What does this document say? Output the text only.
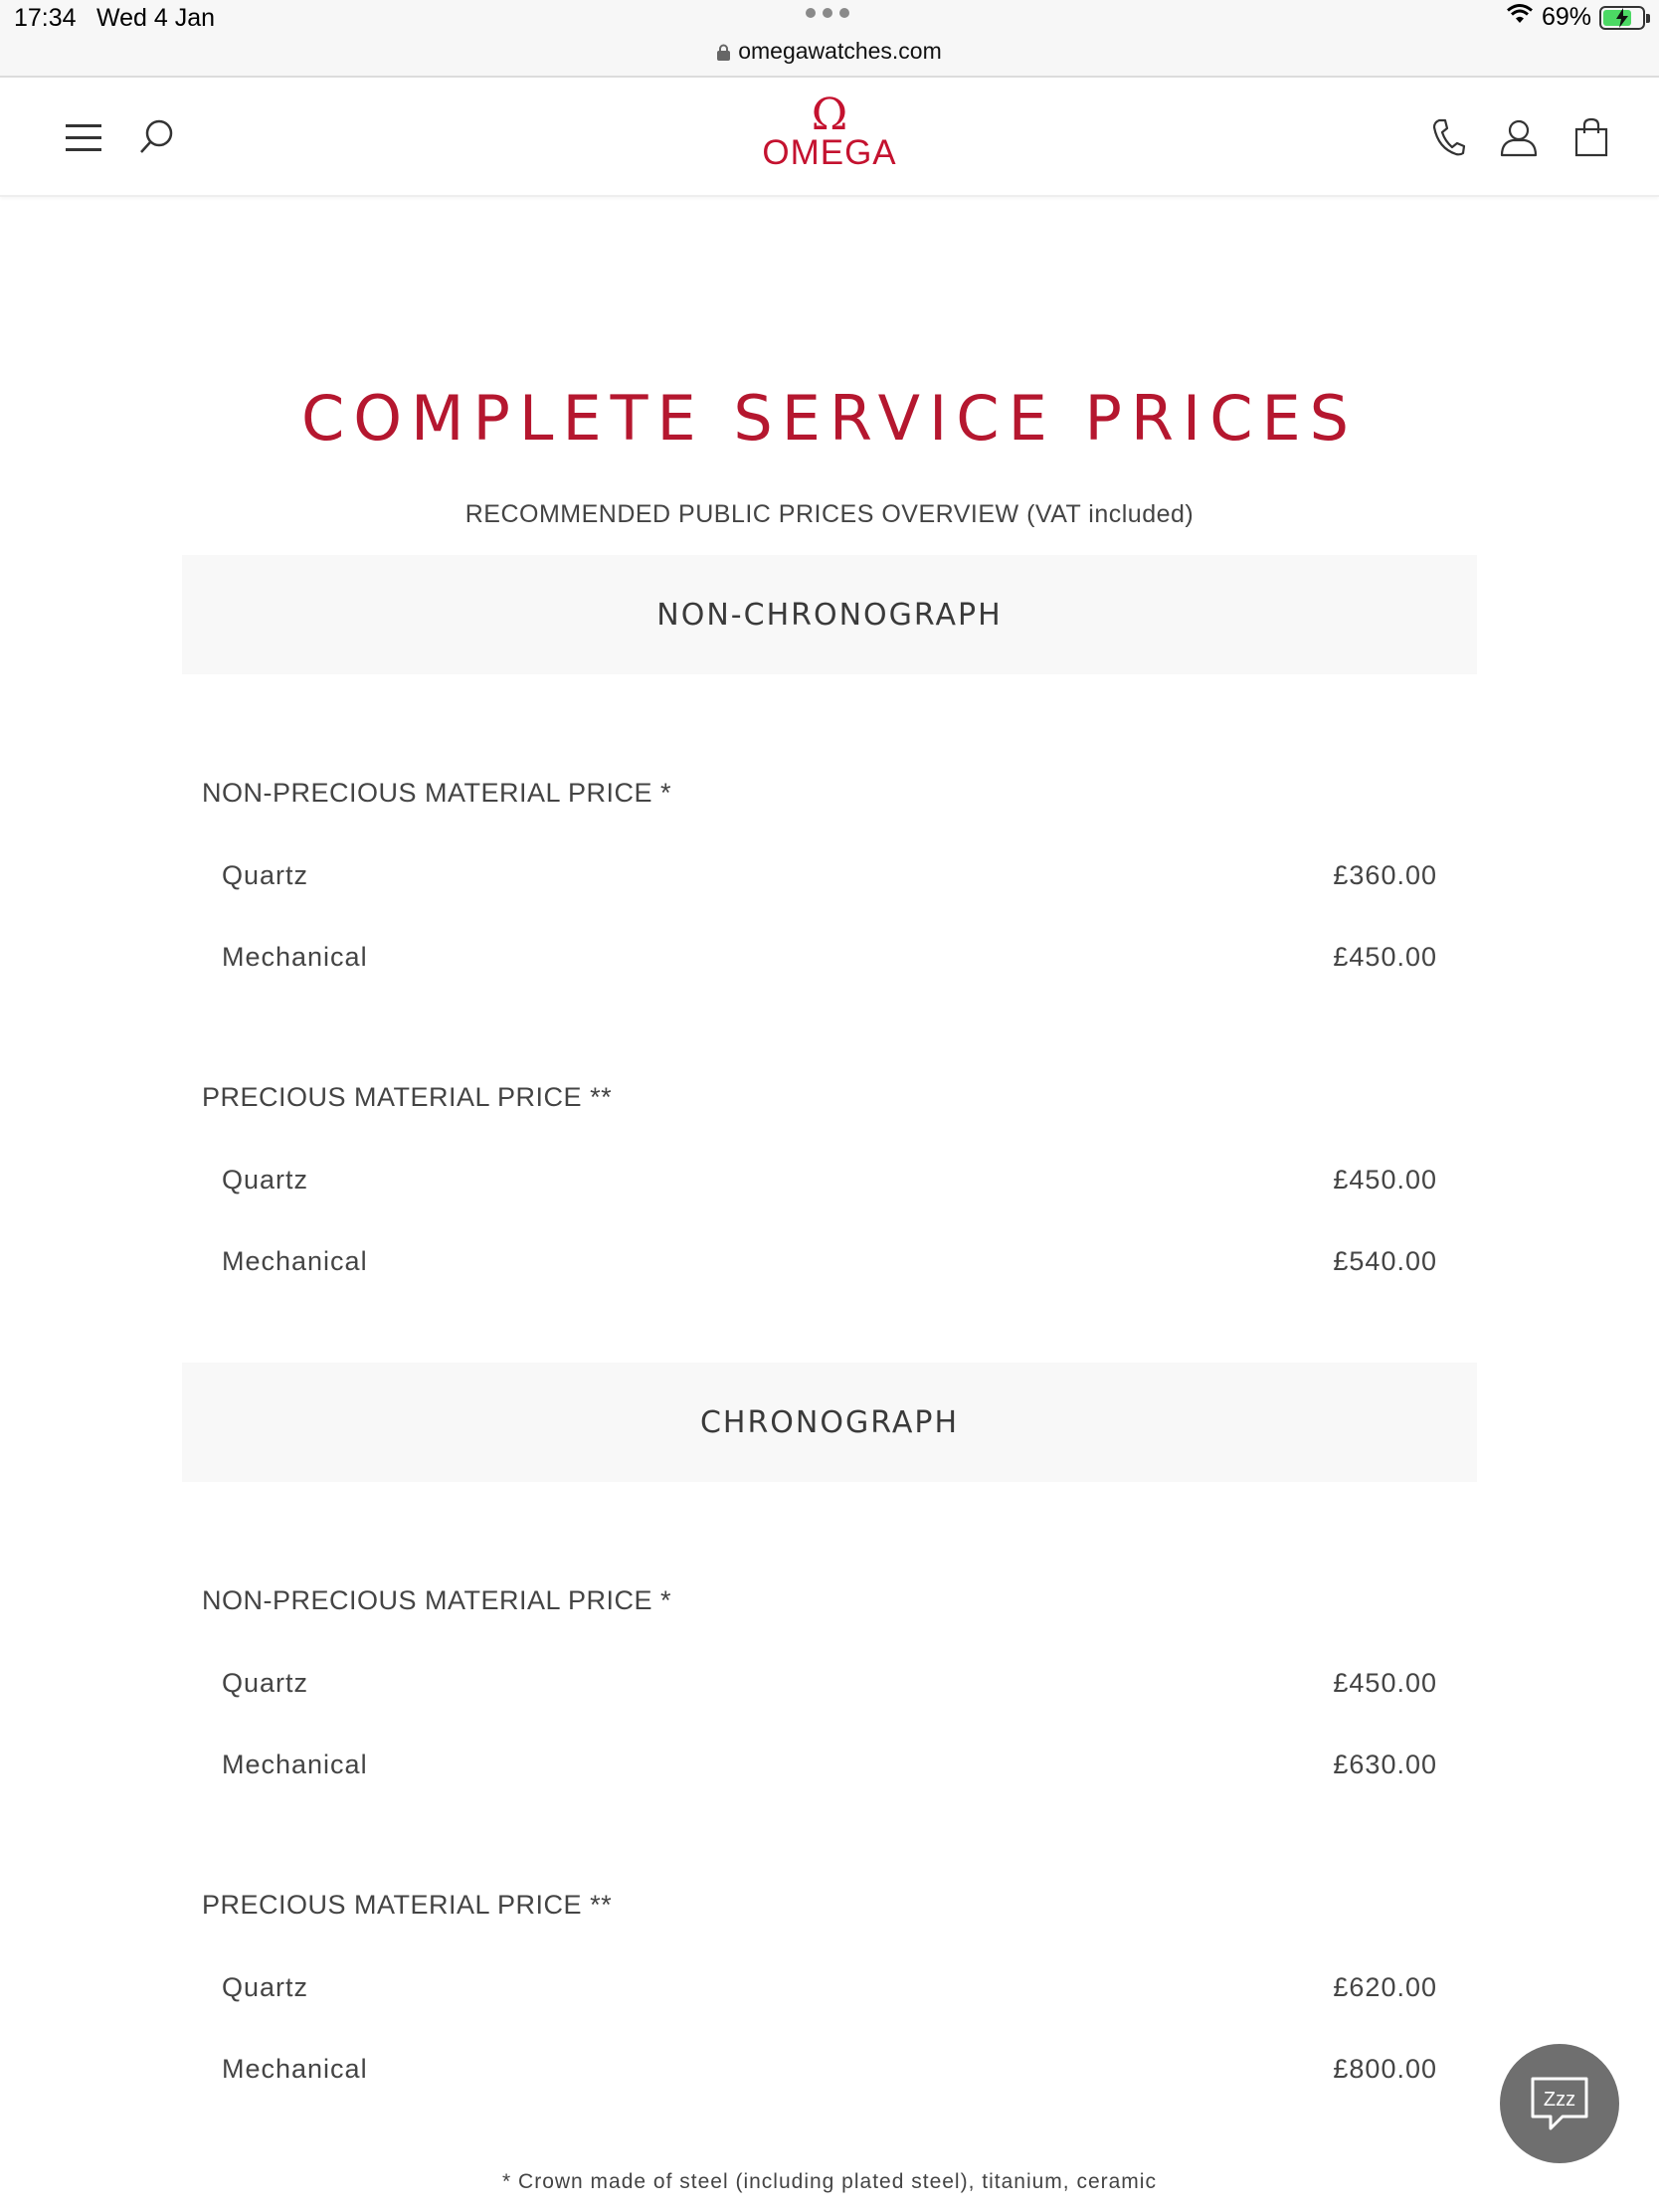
17:34 Wed 4 Jan	69%
omegawatches.com
Ω
OMEGA
COMPLETE SERVICE PRICES
RECOMMENDED PUBLIC PRICES OVERVIEW (VAT included)
NON-CHRONOGRAPH
NON-PRECIOUS MATERIAL PRICE *
Quartz	£360.00
Mechanical	£450.00
PRECIOUS MATERIAL PRICE **
Quartz	£450.00
Mechanical	£540.00
CHRONOGRAPH
NON-PRECIOUS MATERIAL PRICE *
Quartz	£450.00
Mechanical	£630.00
PRECIOUS MATERIAL PRICE **
Quartz	£620.00
Mechanical	£800.00
* Crown made of steel (including plated steel), titanium, ceramic
Zzz
